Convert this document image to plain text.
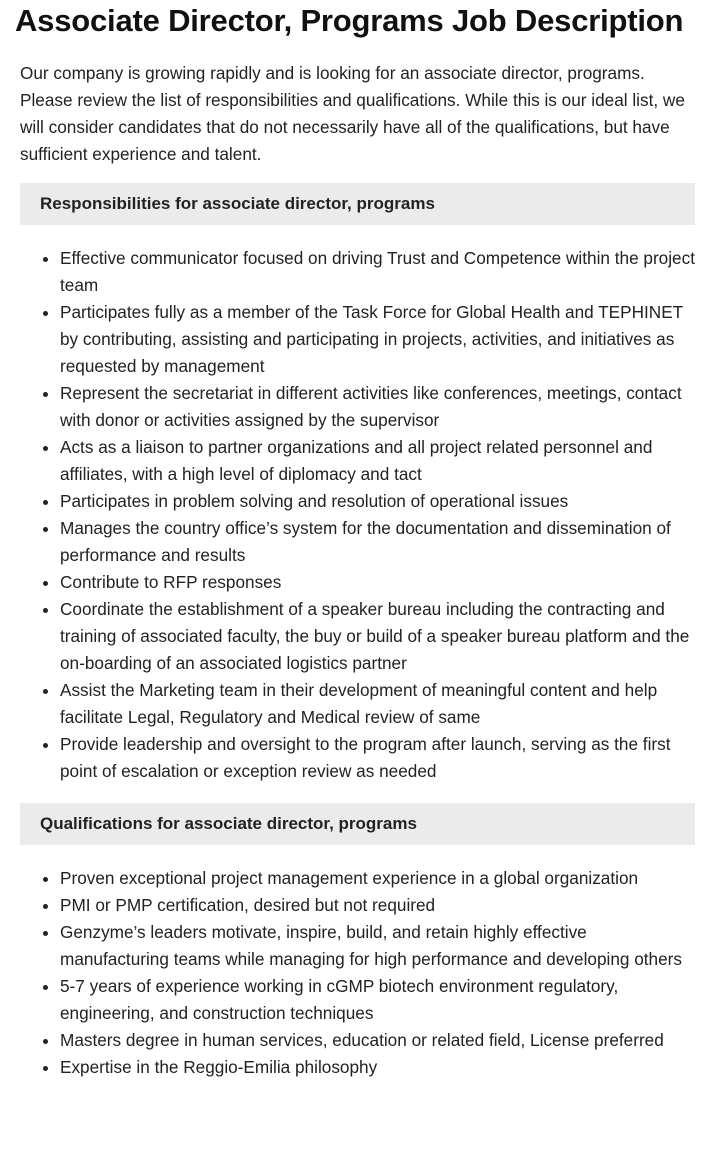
Associate Director, Programs Job Description

Our company is growing rapidly and is looking for an associate director, programs. Please review the list of responsibilities and qualifications. While this is our ideal list, we will consider candidates that do not necessarily have all of the qualifications, but have sufficient experience and talent.

Responsibilities for associate director, programs
• Effective communicator focused on driving Trust and Competence within the project team
• Participates fully as a member of the Task Force for Global Health and TEPHINET by contributing, assisting and participating in projects, activities, and initiatives as requested by management
• Represent the secretariat in different activities like conferences, meetings, contact with donor or activities assigned by the supervisor
• Acts as a liaison to partner organizations and all project related personnel and affiliates, with a high level of diplomacy and tact
• Participates in problem solving and resolution of operational issues
• Manages the country office’s system for the documentation and dissemination of performance and results
• Contribute to RFP responses
• Coordinate the establishment of a speaker bureau including the contracting and training of associated faculty, the buy or build of a speaker bureau platform and the on-boarding of an associated logistics partner
• Assist the Marketing team in their development of meaningful content and help facilitate Legal, Regulatory and Medical review of same
• Provide leadership and oversight to the program after launch, serving as the first point of escalation or exception review as needed
Qualifications for associate director, programs
• Proven exceptional project management experience in a global organization
• PMI or PMP certification, desired but not required
• Genzyme’s leaders motivate, inspire, build, and retain highly effective manufacturing teams while managing for high performance and developing others
• 5-7 years of experience working in cGMP biotech environment regulatory, engineering, and construction techniques
• Masters degree in human services, education or related field, License preferred
• Expertise in the Reggio-Emilia philosophy
